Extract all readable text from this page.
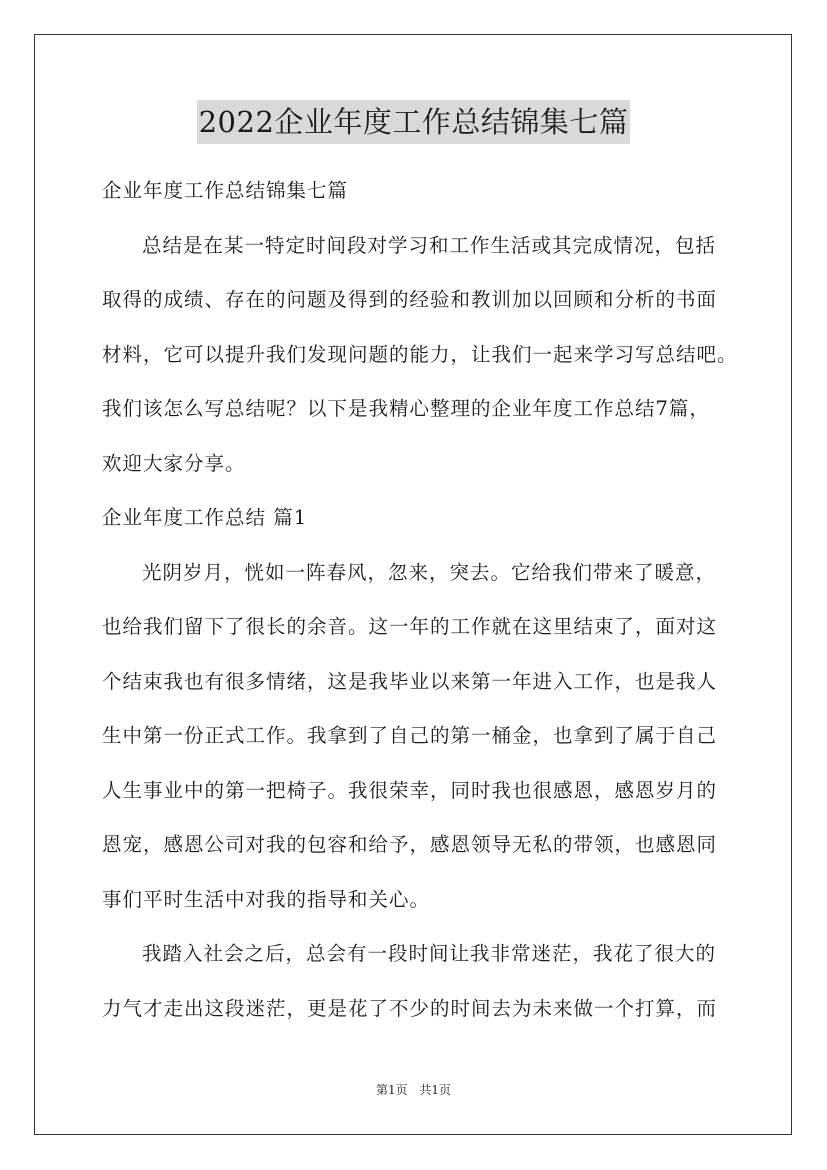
2022企业年度工作总结锦集七篇
企业年度工作总结锦集七篇
总结是在某一特定时间段对学习和工作生活或其完成情况，包括
取得的成绩、存在的问题及得到的经验和教训加以回顾和分析的书面
材料，它可以提升我们发现问题的能力，让我们一起来学习写总结吧。
我们该怎么写总结呢？以下是我精心整理的企业年度工作总结7篇，
欢迎大家分享。
企业年度工作总结 篇1
光阴岁月，恍如一阵春风，忽来，突去。它给我们带来了暖意，
也给我们留下了很长的余音。这一年的工作就在这里结束了，面对这
个结束我也有很多情绪，这是我毕业以来第一年进入工作，也是我人
生中第一份正式工作。我拿到了自己的第一桶金，也拿到了属于自己
人生事业中的第一把椅子。我很荣幸，同时我也很感恩，感恩岁月的
恩宠，感恩公司对我的包容和给予，感恩领导无私的带领，也感恩同
事们平时生活中对我的指导和关心。
我踏入社会之后，总会有一段时间让我非常迷茫，我花了很大的
力气才走出这段迷茫，更是花了不少的时间去为未来做一个打算，而
第1页 共1页
